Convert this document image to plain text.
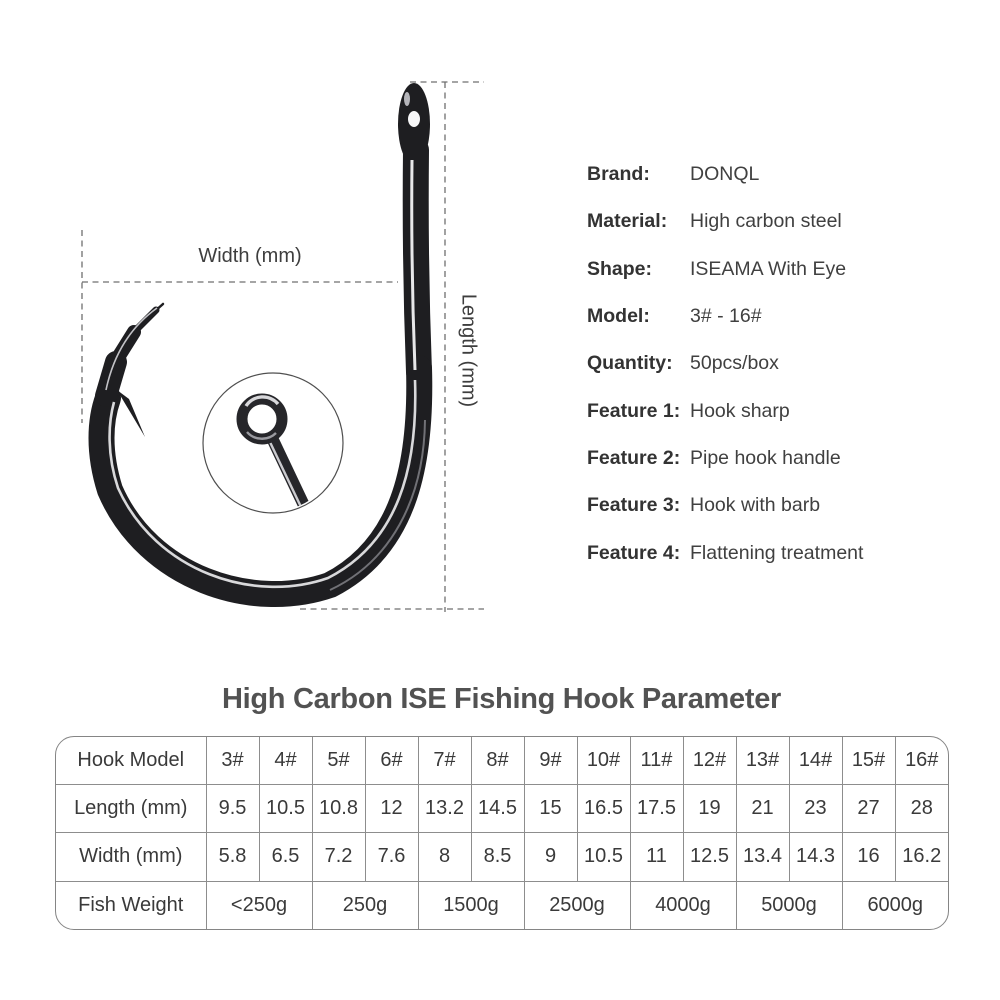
Width (mm)
Length (mm)
Brand:	DONQL
Material:	High carbon steel
Shape:	ISEAMA With Eye
Model:	3# - 16#
Quantity: 50pcs/box
Feature 1: Hook sharp
Feature 2: Pipe hook handle
Feature 3: Hook with barb
Feature 4: Flattening treatment
High Carbon ISE Fishing Hook Parameter
Hook Model	3#	4#	5#	6#	7#	8#	9#	10#	11#	12#	13#	14#	15#	16#
Length (mm)	9.5	10.5	10.8	12	13.2	14.5	15	16.5	17.5	19	21	23	27	28
Width (mm)	5.8	6.5	7.2	7.6	8	8.5	9	10.5	11	12.5	13.4	14.3	16	16.2
Fish Weight	<250g		250g		1500g		2500g		4000g		5000g		6000g	
